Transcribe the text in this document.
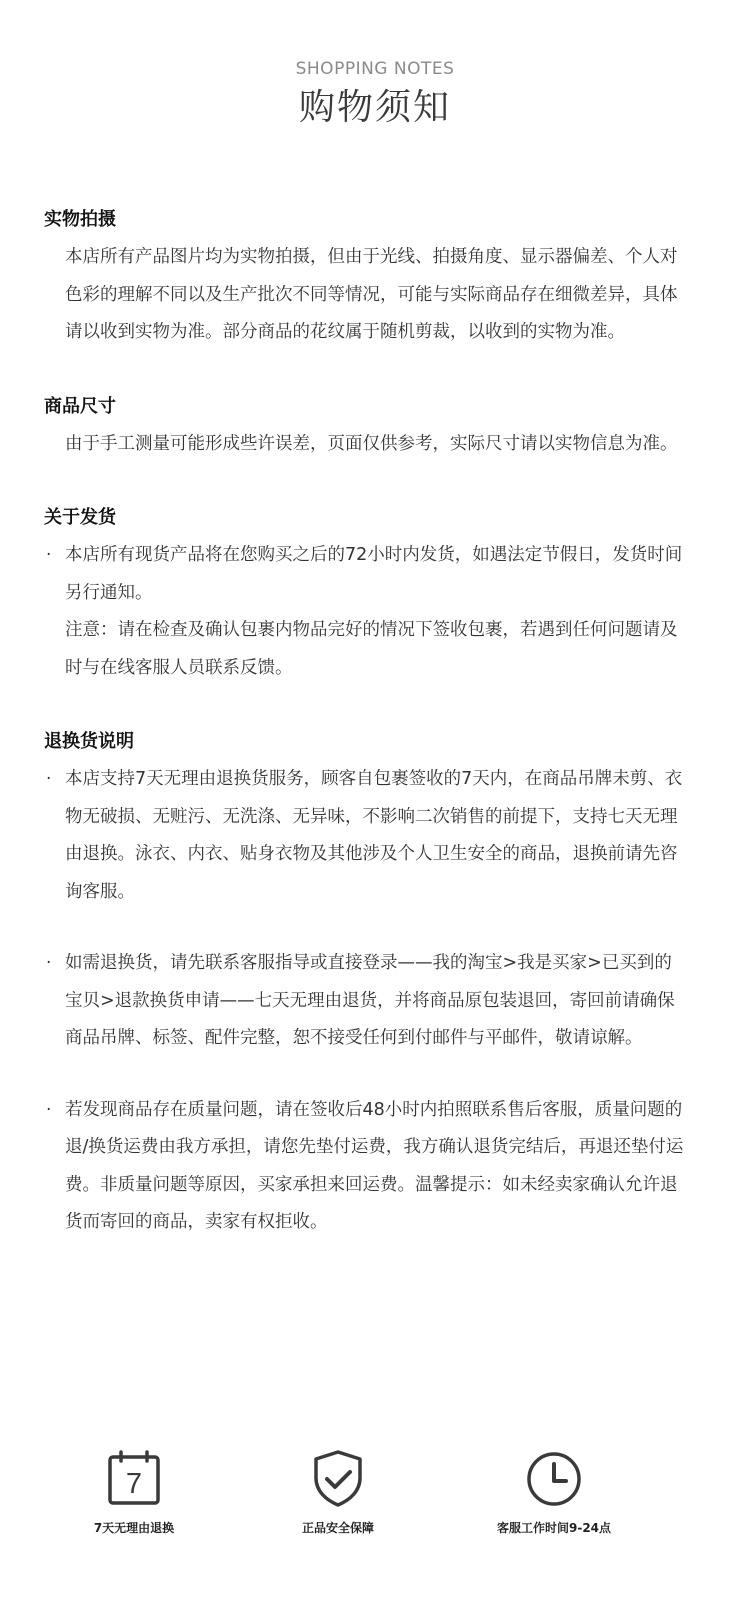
SHOPPING NOTES
购物须知
实物拍摄
本店所有产品图片均为实物拍摄，但由于光线、拍摄角度、显示器偏差、个人对色彩的理解不同以及生产批次不同等情况，可能与实际商品存在细微差异，具体请以收到实物为准。部分商品的花纹属于随机剪裁，以收到的实物为准。
商品尺寸
由于手工测量可能形成些许误差，页面仅供参考，实际尺寸请以实物信息为准。
关于发货
· 本店所有现货产品将在您购买之后的72小时内发货，如遇法定节假日，发货时间另行通知。
注意：请在检查及确认包裹内物品完好的情况下签收包裹，若遇到任何问题请及时与在线客服人员联系反馈。
退换货说明
· 本店支持7天无理由退换货服务，顾客自包裹签收的7天内，在商品吊牌未剪、衣物无破损、无赃污、无洗涤、无异味，不影响二次销售的前提下，支持七天无理由退换。泳衣、内衣、贴身衣物及其他涉及个人卫生安全的商品，退换前请先咨询客服。
· 如需退换货，请先联系客服指导或直接登录——我的淘宝>我是买家>已买到的宝贝>退款换货申请——七天无理由退货，并将商品原包装退回，寄回前请确保商品吊牌、标签、配件完整，恕不接受任何到付邮件与平邮件，敬请谅解。
· 若发现商品存在质量问题，请在签收后48小时内拍照联系售后客服，质量问题的退/换货运费由我方承担，请您先垫付运费，我方确认退货完结后，再退还垫付运费。非质量问题等原因，买家承担来回运费。温馨提示：如未经卖家确认允许退货而寄回的商品，卖家有权拒收。
7
7天无理由退换	正品安全保障	客服工作时间9-24点
